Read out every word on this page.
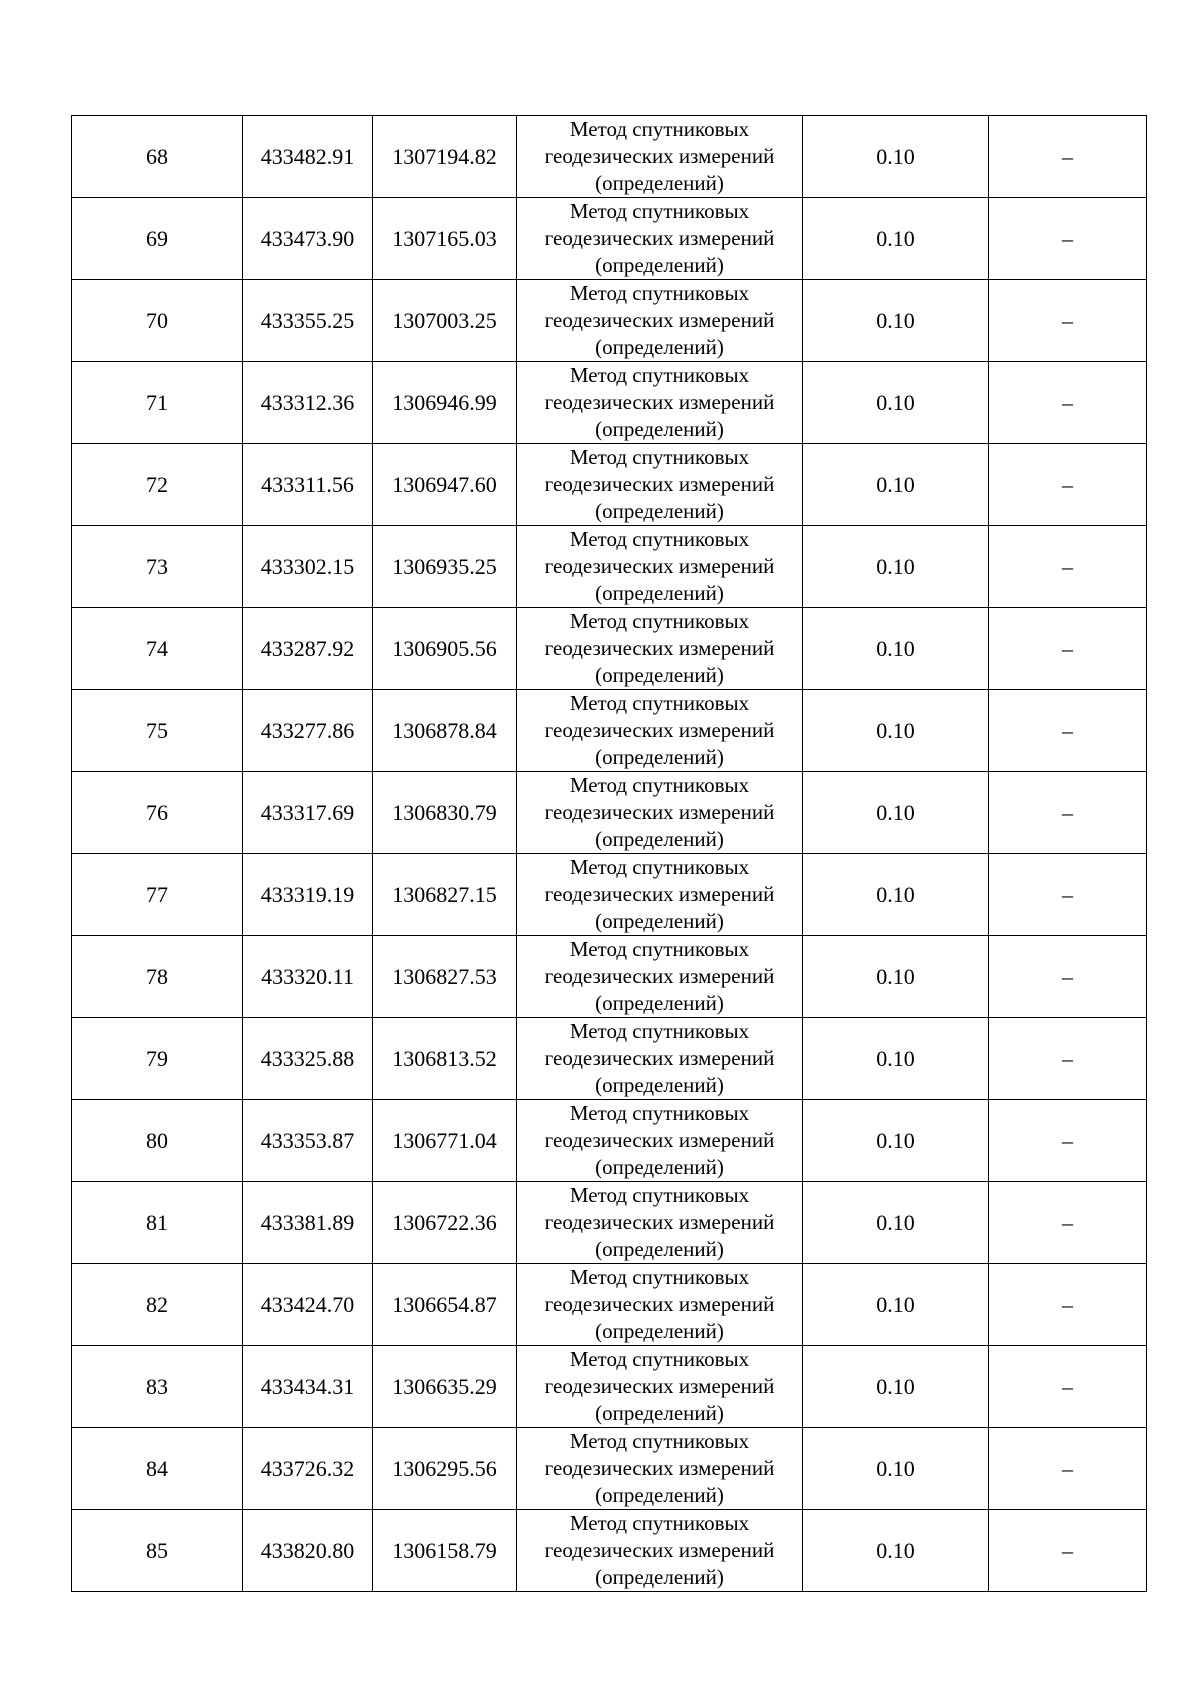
68	433482.91	1307194.82	Метод спутниковых
геодезических измерений
(определений)	0.10	–
69	433473.90	1307165.03	Метод спутниковых
геодезических измерений
(определений)	0.10	–
70	433355.25	1307003.25	Метод спутниковых
геодезических измерений
(определений)	0.10	–
71	433312.36	1306946.99	Метод спутниковых
геодезических измерений
(определений)	0.10	–
72	433311.56	1306947.60	Метод спутниковых
геодезических измерений
(определений)	0.10	–
73	433302.15	1306935.25	Метод спутниковых
геодезических измерений
(определений)	0.10	–
74	433287.92	1306905.56	Метод спутниковых
геодезических измерений
(определений)	0.10	–
75	433277.86	1306878.84	Метод спутниковых
геодезических измерений
(определений)	0.10	–
76	433317.69	1306830.79	Метод спутниковых
геодезических измерений
(определений)	0.10	–
77	433319.19	1306827.15	Метод спутниковых
геодезических измерений
(определений)	0.10	–
78	433320.11	1306827.53	Метод спутниковых
геодезических измерений
(определений)	0.10	–
79	433325.88	1306813.52	Метод спутниковых
геодезических измерений
(определений)	0.10	–
80	433353.87	1306771.04	Метод спутниковых
геодезических измерений
(определений)	0.10	–
81	433381.89	1306722.36	Метод спутниковых
геодезических измерений
(определений)	0.10	–
82	433424.70	1306654.87	Метод спутниковых
геодезических измерений
(определений)	0.10	–
83	433434.31	1306635.29	Метод спутниковых
геодезических измерений
(определений)	0.10	–
84	433726.32	1306295.56	Метод спутниковых
геодезических измерений
(определений)	0.10	–
85	433820.80	1306158.79	Метод спутниковых
геодезических измерений
(определений)	0.10	–
